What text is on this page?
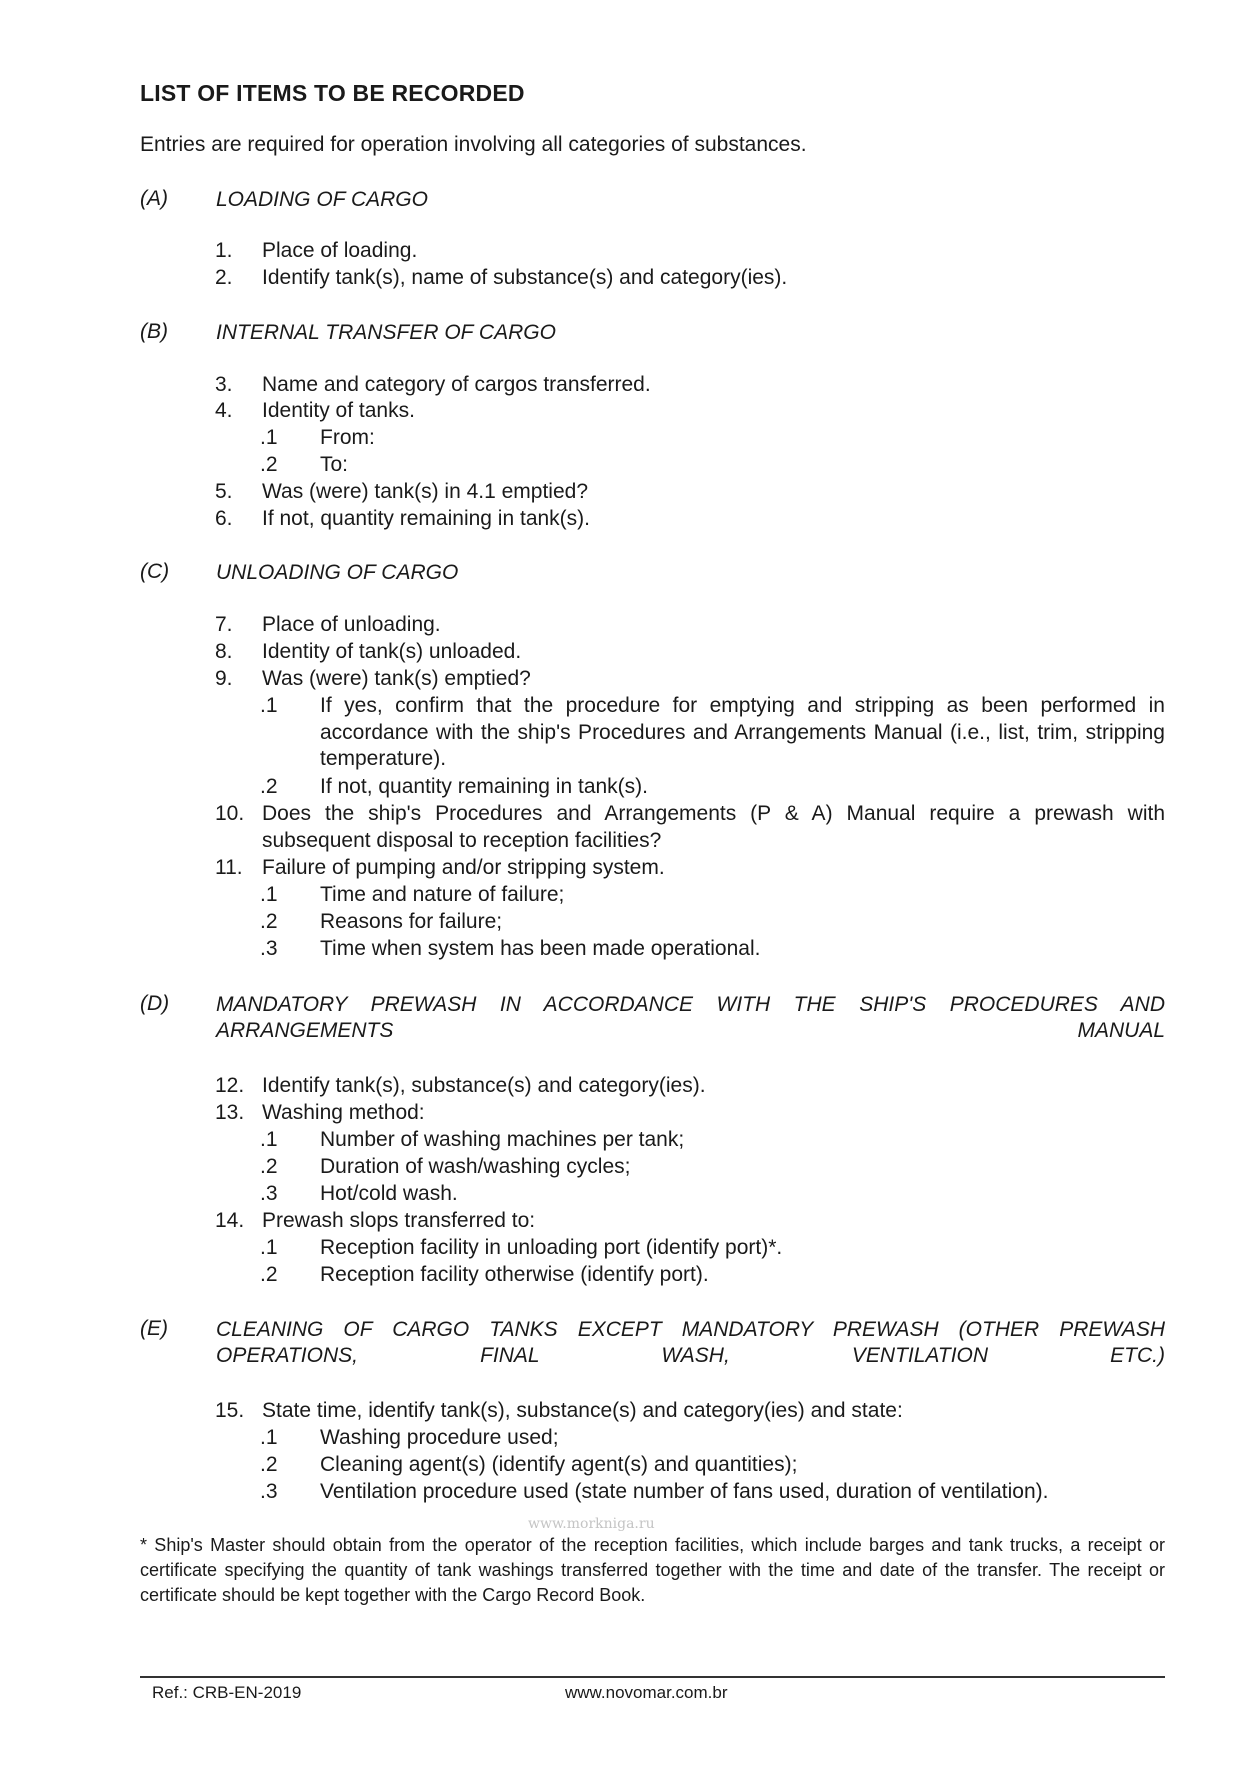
LIST OF ITEMS TO BE RECORDED
Entries are required for operation involving all categories of substances.
(A) LOADING OF CARGO
1. Place of loading.
2. Identify tank(s), name of substance(s) and category(ies).
(B) INTERNAL TRANSFER OF CARGO
3. Name and category of cargos transferred.
4. Identity of tanks.
.1 From:
.2 To:
5. Was (were) tank(s) in 4.1 emptied?
6. If not, quantity remaining in tank(s).
(C) UNLOADING OF CARGO
7. Place of unloading.
8. Identity of tank(s) unloaded.
9. Was (were) tank(s) emptied?
.1 If yes, confirm that the procedure for emptying and stripping as been performed in accordance with the ship's Procedures and Arrangements Manual (i.e., list, trim, stripping temperature).
.2 If not, quantity remaining in tank(s).
10. Does the ship's Procedures and Arrangements (P & A) Manual require a prewash with subsequent disposal to reception facilities?
11. Failure of pumping and/or stripping system.
.1 Time and nature of failure;
.2 Reasons for failure;
.3 Time when system has been made operational.
(D) MANDATORY PREWASH IN ACCORDANCE WITH THE SHIP'S PROCEDURES AND ARRANGEMENTS MANUAL
12. Identify tank(s), substance(s) and category(ies).
13. Washing method:
.1 Number of washing machines per tank;
.2 Duration of wash/washing cycles;
.3 Hot/cold wash.
14. Prewash slops transferred to:
.1 Reception facility in unloading port (identify port)*.
.2 Reception facility otherwise (identify port).
(E) CLEANING OF CARGO TANKS EXCEPT MANDATORY PREWASH (OTHER PREWASH OPERATIONS, FINAL WASH, VENTILATION ETC.)
15. State time, identify tank(s), substance(s) and category(ies) and state:
.1 Washing procedure used;
.2 Cleaning agent(s) (identify agent(s) and quantities);
.3 Ventilation procedure used (state number of fans used, duration of ventilation).
www.morkniga.ru
* Ship's Master should obtain from the operator of the reception facilities, which include barges and tank trucks, a receipt or certificate specifying the quantity of tank washings transferred together with the time and date of the transfer. The receipt or certificate should be kept together with the Cargo Record Book.
Ref.: CRB-EN-2019	www.novomar.com.br
